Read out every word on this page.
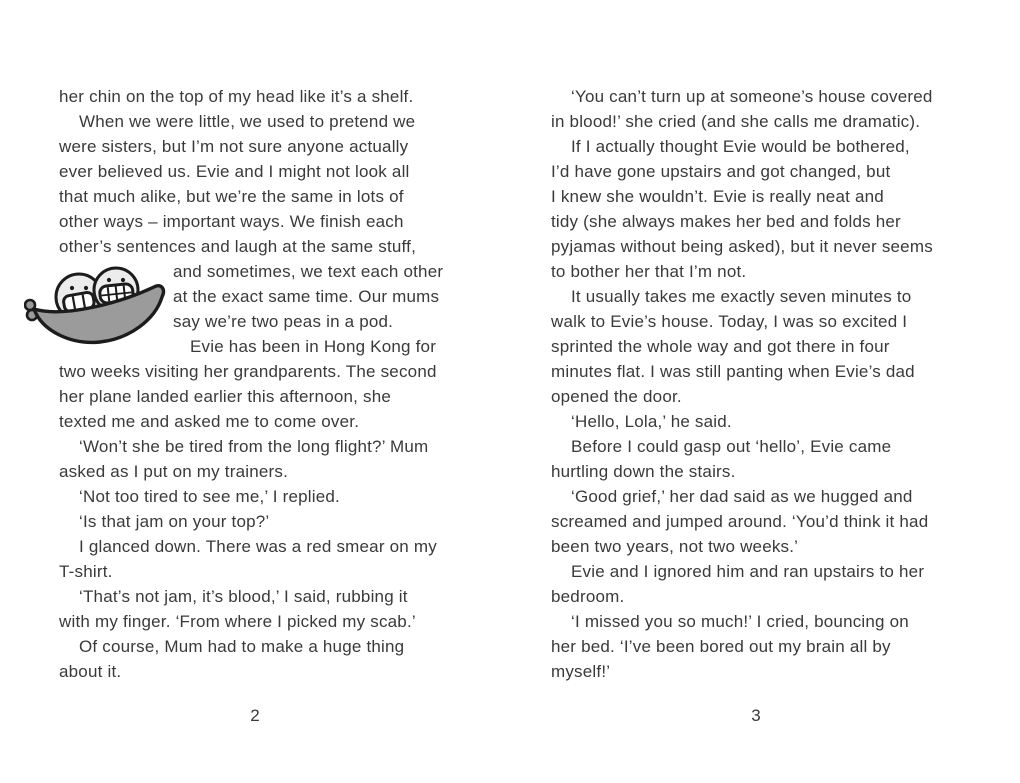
her chin on the top of my head like it’s a shelf.
When we were little, we used to pretend we
were sisters, but I’m not sure anyone actually
ever believed us. Evie and I might not look all
that much alike, but we’re the same in lots of
other ways – important ways. We finish each
other’s sentences and laugh at the same stuff,
and sometimes, we text each other
at the exact same time. Our mums
say we’re two peas in a pod.
Evie has been in Hong Kong for
two weeks visiting her grandparents. The second
her plane landed earlier this afternoon, she
texted me and asked me to come over.
‘Won’t she be tired from the long flight?’ Mum
asked as I put on my trainers.
‘Not too tired to see me,’ I replied.
‘Is that jam on your top?’
I glanced down. There was a red smear on my
T-shirt.
‘That’s not jam, it’s blood,’ I said, rubbing it
with my finger. ‘From where I picked my scab.’
Of course, Mum had to make a huge thing
about it.
2
‘You can’t turn up at someone’s house covered
in blood!’ she cried (and she calls me dramatic).
If I actually thought Evie would be bothered,
I’d have gone upstairs and got changed, but
I knew she wouldn’t. Evie is really neat and
tidy (she always makes her bed and folds her
pyjamas without being asked), but it never seems
to bother her that I’m not.
It usually takes me exactly seven minutes to
walk to Evie’s house. Today, I was so excited I
sprinted the whole way and got there in four
minutes flat. I was still panting when Evie’s dad
opened the door.
‘Hello, Lola,’ he said.
Before I could gasp out ‘hello’, Evie came
hurtling down the stairs.
‘Good grief,’ her dad said as we hugged and
screamed and jumped around. ‘You’d think it had
been two years, not two weeks.’
Evie and I ignored him and ran upstairs to her
bedroom.
‘I missed you so much!’ I cried, bouncing on
her bed. ‘I’ve been bored out my brain all by
myself!’
3
